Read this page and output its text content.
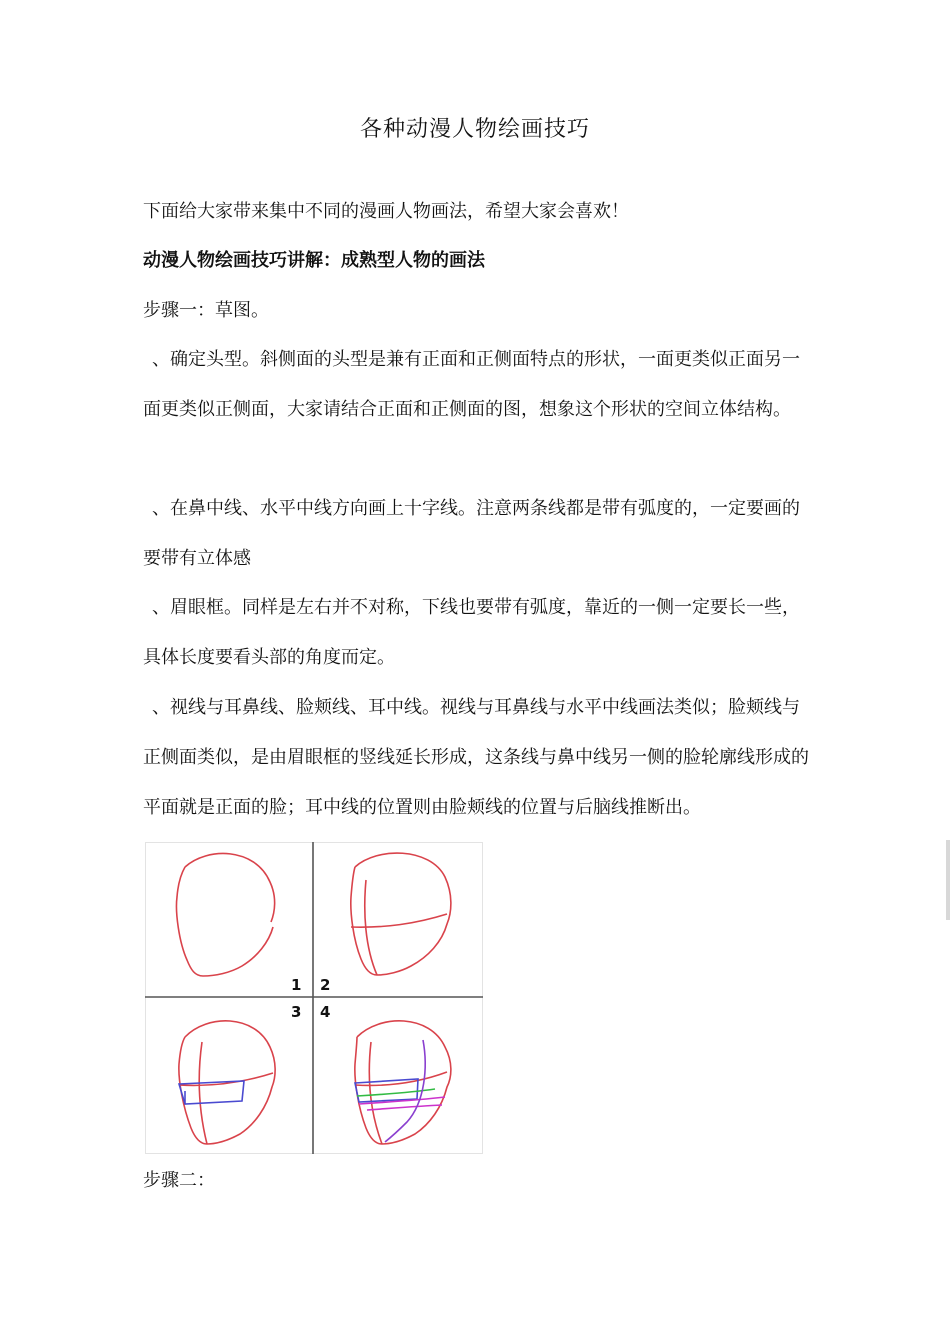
各种动漫人物绘画技巧

下面给大家带来集中不同的漫画人物画法，希望大家会喜欢！

动漫人物绘画技巧讲解：成熟型人物的画法

步骤一：草图。

、确定头型。斜侧面的头型是兼有正面和正侧面特点的形状，一面更类似正面另一面更类似正侧面，大家请结合正面和正侧面的图，想象这个形状的空间立体结构。

、在鼻中线、水平中线方向画上十字线。注意两条线都是带有弧度的，一定要画的要带有立体感

、眉眼框。同样是左右并不对称，下线也要带有弧度，靠近的一侧一定要长一些，具体长度要看头部的角度而定。

、视线与耳鼻线、脸颊线、耳中线。视线与耳鼻线与水平中线画法类似；脸颊线与正侧面类似，是由眉眼框的竖线延长形成，这条线与鼻中线另一侧的脸轮廓线形成的平面就是正面的脸；耳中线的位置则由脸颊线的位置与后脑线推断出。

1 2
3 4

步骤二：
